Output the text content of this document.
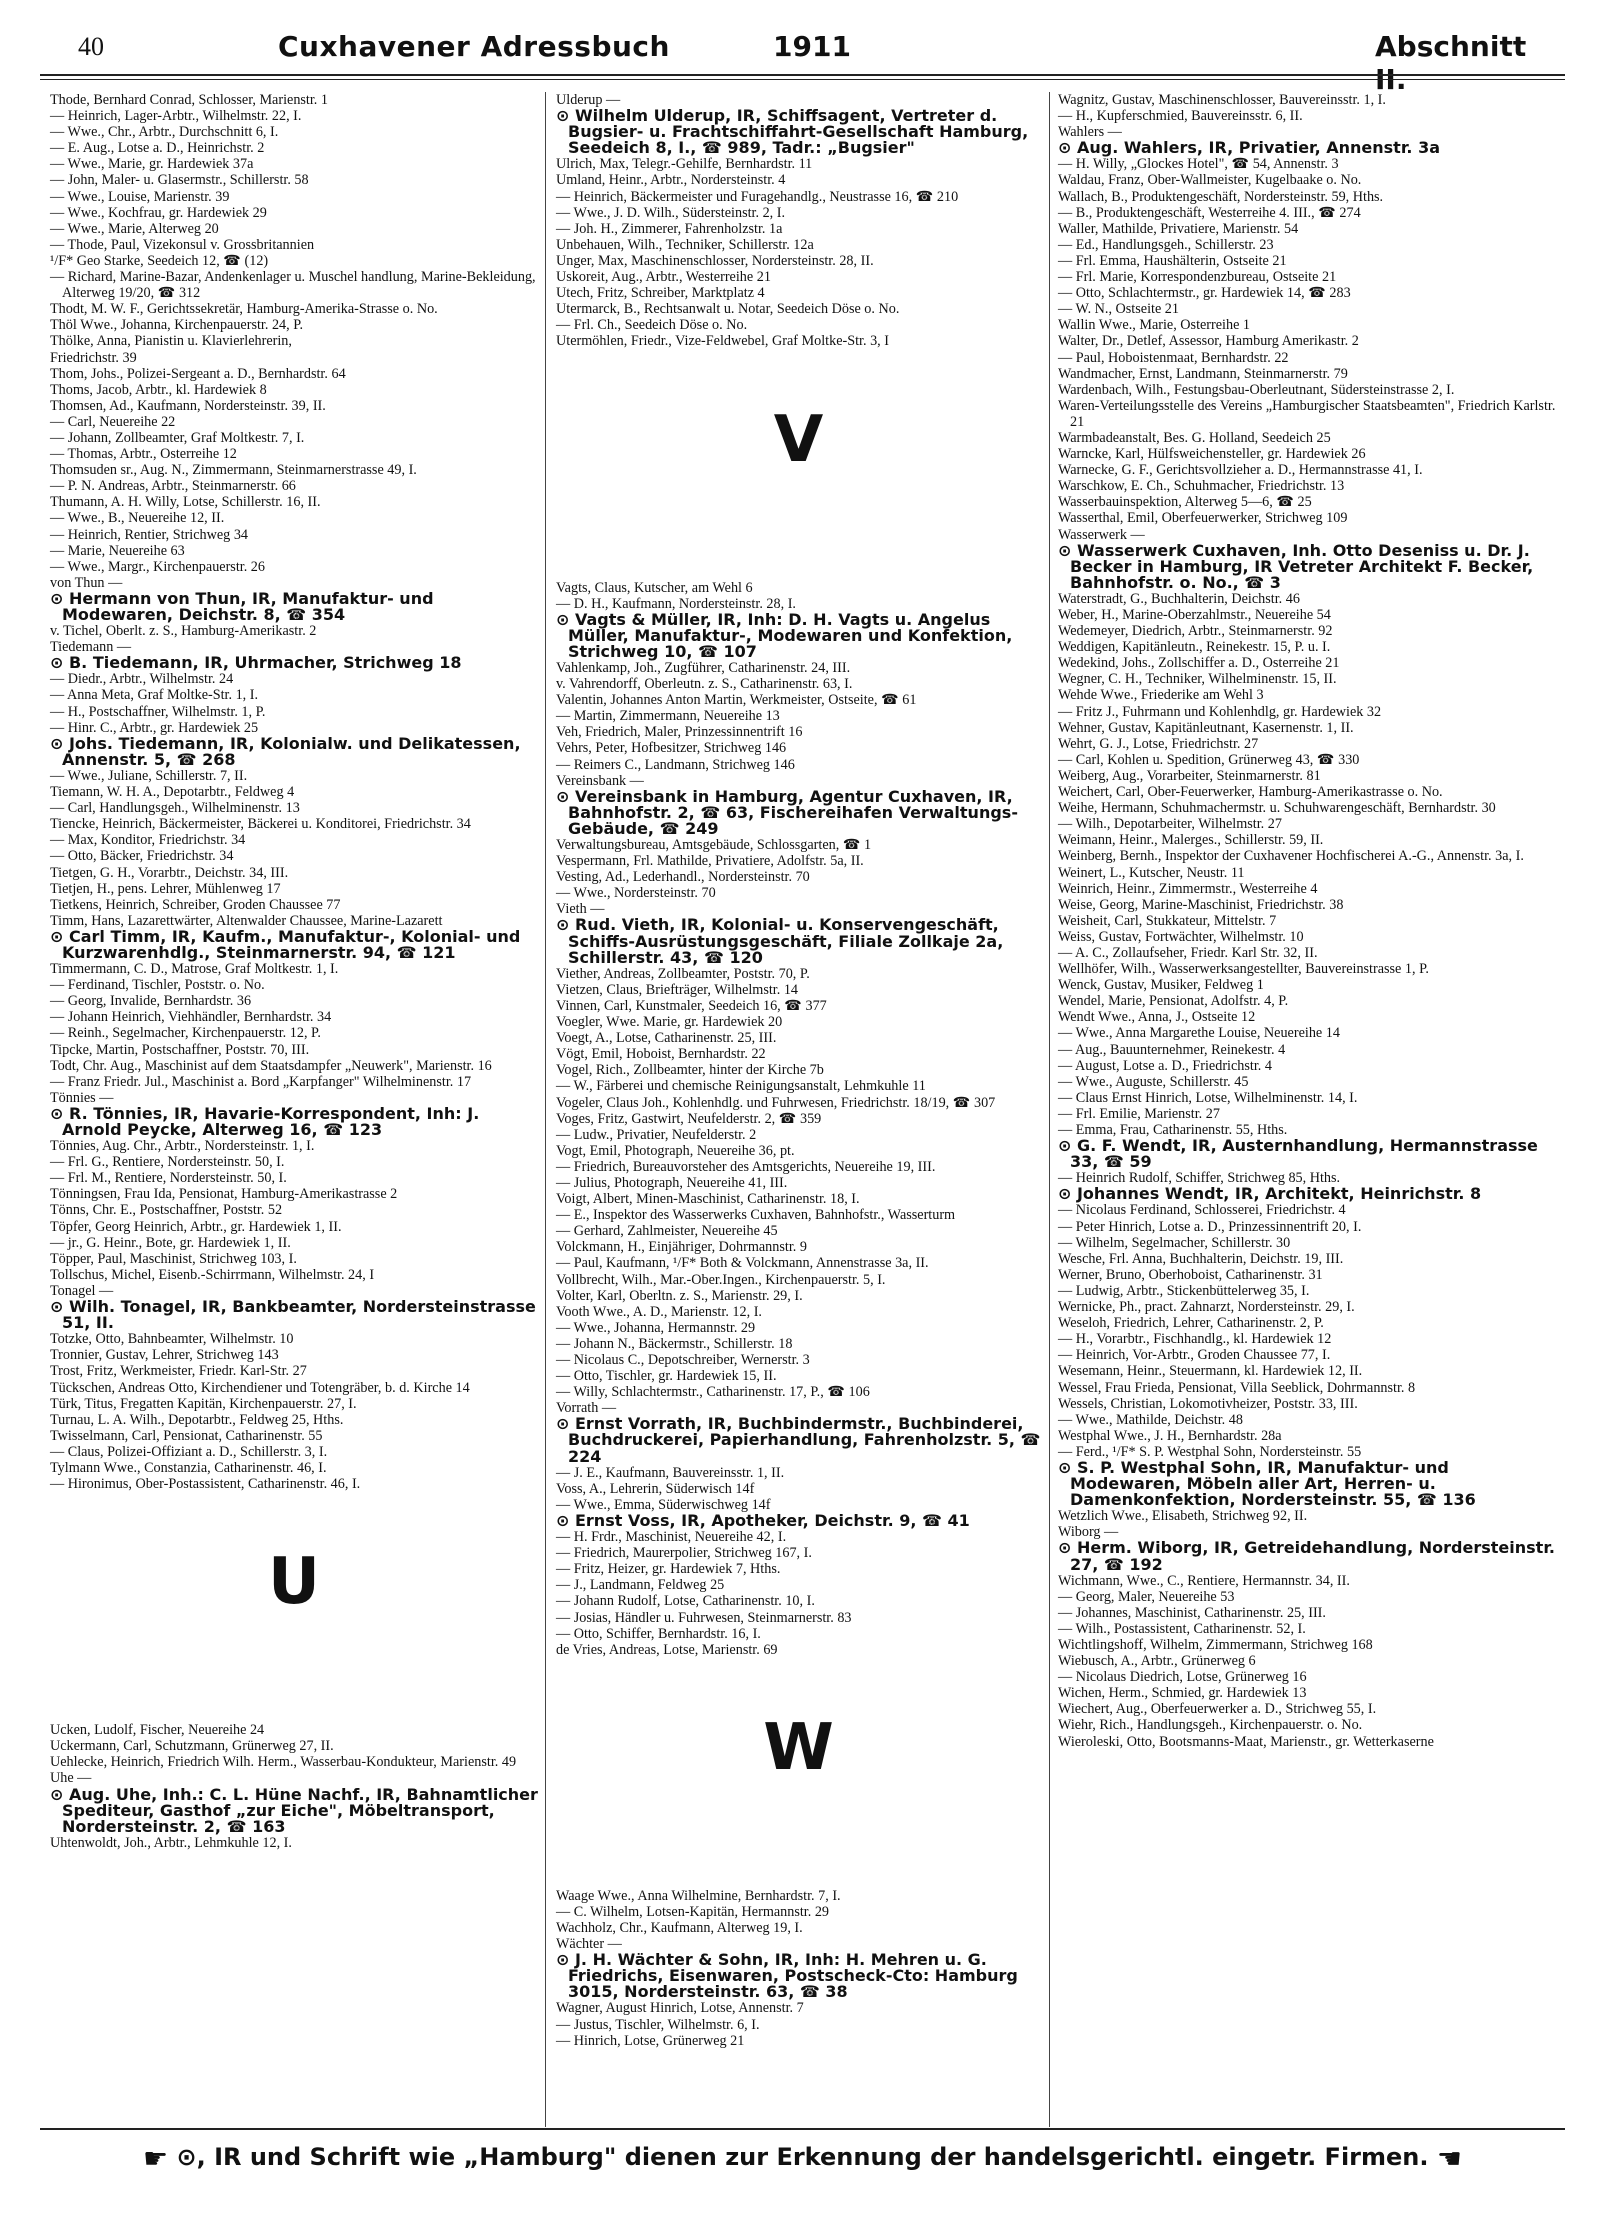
40	Cuxhavener Adressbuch	1911	Abschnitt
Thode, Bernhard Conrad, Schlosser, Marienstr. 1
— Heinrich, Lager-Arbtr., Wilhelmstr. 22, I.
— Wwe., Chr., Arbtr., Durchschnitt 6, I.
— E. Aug., Lotse a. D., Heinrichstr. 2
— Wwe., Marie, gr. Hardewiek 37a
— John, Maler- u. Glasermstr., Schillerstr. 58
— Wwe., Louise, Marienstr. 39
— Wwe., Kochfrau, gr. Hardewiek 29
— Wwe., Marie, Alterweg 20
— Thode, Paul, Vizekonsul v. Grossbritannien
¹/F* Geo Starke, Seedeich 12, ☎ (12)
— Richard, Marine-Bazar, Andenkenlager u. Muschel handlung, Marine-Bekleidung, Alterweg 19/20, ☎ 312
Thodt, M. W. F., Gerichtssekretär, Hamburg-Amerika-Strasse o. No.
Thöl Wwe., Johanna, Kirchenpauerstr. 24, P.
Thölke, Anna, Pianistin u. Klavierlehrerin,
Friedrichstr. 39
Thom, Johs., Polizei-Sergeant a. D., Bernhardstr. 64
Thoms, Jacob, Arbtr., kl. Hardewiek 8
Thomsen, Ad., Kaufmann, Nordersteinstr. 39, II.
— Carl, Neuereihe 22
— Johann, Zollbeamter, Graf Moltkestr. 7, I.
— Thomas, Arbtr., Osterreihe 12
Thomsuden sr., Aug. N., Zimmermann, Steinmarnerstrasse 49, I.
— P. N. Andreas, Arbtr., Steinmarnerstr. 66
Thumann, A. H. Willy, Lotse, Schillerstr. 16, II.
— Wwe., B., Neuereihe 12, II.
— Heinrich, Rentier, Strichweg 34
— Marie, Neuereihe 63
— Wwe., Margr., Kirchenpauerstr. 26
von Thun —
⊙ Hermann von Thun, IR, Manufaktur- und Modewaren, Deichstr. 8, ☎ 354
v. Tichel, Oberlt. z. S., Hamburg-Amerikastr. 2
Tiedemann —
⊙ B. Tiedemann, IR, Uhrmacher, Strichweg 18
— Diedr., Arbtr., Wilhelmstr. 24
— Anna Meta, Graf Moltke-Str. 1, I.
— H., Postschaffner, Wilhelmstr. 1, P.
— Hinr. C., Arbtr., gr. Hardewiek 25
⊙ Johs. Tiedemann, IR, Kolonialw. und Delikatessen, Annenstr. 5, ☎ 268
— Wwe., Juliane, Schillerstr. 7, II.
Tiemann, W. H. A., Depotarbtr., Feldweg 4
— Carl, Handlungsgeh., Wilhelminenstr. 13
Tiencke, Heinrich, Bäckermeister, Bäckerei u. Konditorei, Friedrichstr. 34
— Max, Konditor, Friedrichstr. 34
— Otto, Bäcker, Friedrichstr. 34
Tietgen, G. H., Vorarbtr., Deichstr. 34, III.
Tietjen, H., pens. Lehrer, Mühlenweg 17
Tietkens, Heinrich, Schreiber, Groden Chaussee 77
Timm, Hans, Lazarettwärter, Altenwalder Chaussee, Marine-Lazarett
⊙ Carl Timm, IR, Kaufm., Manufaktur-, Kolonial- und Kurzwarenhdlg., Steinmarnerstr. 94, ☎ 121
Timmermann, C. D., Matrose, Graf Moltkestr. 1, I.
— Ferdinand, Tischler, Poststr. o. No.
— Georg, Invalide, Bernhardstr. 36
— Johann Heinrich, Viehhändler, Bernhardstr. 34
— Reinh., Segelmacher, Kirchenpauerstr. 12, P.
Tipcke, Martin, Postschaffner, Poststr. 70, III.
Todt, Chr. Aug., Maschinist auf dem Staatsdampfer „Neuwerk", Marienstr. 16
— Franz Friedr. Jul., Maschinist a. Bord „Karpfanger" Wilhelminenstr. 17
Tönnies —
⊙ R. Tönnies, IR, Havarie-Korrespondent, Inh: J. Arnold Peycke, Alterweg 16, ☎ 123
Tönnies, Aug. Chr., Arbtr., Nordersteinstr. 1, I.
— Frl. G., Rentiere, Nordersteinstr. 50, I.
— Frl. M., Rentiere, Nordersteinstr. 50, I.
Tönningsen, Frau Ida, Pensionat, Hamburg-Amerikastrasse 2
Tönns, Chr. E., Postschaffner, Poststr. 52
Töpfer, Georg Heinrich, Arbtr., gr. Hardewiek 1, II.
— jr., G. Heinr., Bote, gr. Hardewiek 1, II.
Töpper, Paul, Maschinist, Strichweg 103, I.
Tollschus, Michel, Eisenb.-Schirrmann, Wilhelmstr. 24, I
Tonagel —
⊙ Wilh. Tonagel, IR, Bankbeamter, Nordersteinstrasse 51, II.
Totzke, Otto, Bahnbeamter, Wilhelmstr. 10
Tronnier, Gustav, Lehrer, Strichweg 143
Trost, Fritz, Werkmeister, Friedr. Karl-Str. 27
Tückschen, Andreas Otto, Kirchendiener und Totengräber, b. d. Kirche 14
Türk, Titus, Fregatten Kapitän, Kirchenpauerstr. 27, I.
Turnau, L. A. Wilh., Depotarbtr., Feldweg 25, Hths.
Twisselmann, Carl, Pensionat, Catharinenstr. 55
— Claus, Polizei-Offiziant a. D., Schillerstr. 3, I.
Tylmann Wwe., Constanzia, Catharinenstr. 46, I.
— Hironimus, Ober-Postassistent, Catharinenstr. 46, I.
U
Ucken, Ludolf, Fischer, Neuereihe 24
Uckermann, Carl, Schutzmann, Grünerweg 27, II.
Uehlecke, Heinrich, Friedrich Wilh. Herm., Wasserbau-Kondukteur, Marienstr. 49
Uhe —
⊙ Aug. Uhe, Inh.: C. L. Hüne Nachf., IR, Bahnamtlicher Spediteur, Gasthof „zur Eiche", Möbeltransport, Nordersteinstr. 2, ☎ 163
Uhtenwoldt, Joh., Arbtr., Lehmkuhle 12, I.
Ulderup —
⊙ Wilhelm Ulderup, IR, Schiffsagent, Vertreter d. Bugsier- u. Frachtschiffahrt-Gesellschaft Hamburg, Seedeich 8, I., ☎ 989, Tadr.: „Bugsier"
Ulrich, Max, Telegr.-Gehilfe, Bernhardstr. 11
Umland, Heinr., Arbtr., Nordersteinstr. 4
— Heinrich, Bäckermeister und Furagehandlg., Neustrasse 16, ☎ 210
— Wwe., J. D. Wilh., Südersteinstr. 2, I.
— Joh. H., Zimmerer, Fahrenholzstr. 1a
Unbehauen, Wilh., Techniker, Schillerstr. 12a
Unger, Max, Maschinenschlosser, Nordersteinstr. 28, II.
Uskoreit, Aug., Arbtr., Westerreihe 21
Utech, Fritz, Schreiber, Marktplatz 4
Utermarck, B., Rechtsanwalt u. Notar, Seedeich Döse o. No.
— Frl. Ch., Seedeich Döse o. No.
Utermöhlen, Friedr., Vize-Feldwebel, Graf Moltke-Str. 3, I
V
Vagts, Claus, Kutscher, am Wehl 6
— D. H., Kaufmann, Nordersteinstr. 28, I.
⊙ Vagts & Müller, IR, Inh: D. H. Vagts u. Angelus Müller, Manufaktur-, Modewaren und Konfektion, Strichweg 10, ☎ 107
Vahlenkamp, Joh., Zugführer, Catharinenstr. 24, III.
v. Vahrendorff, Oberleutn. z. S., Catharinenstr. 63, I.
Valentin, Johannes Anton Martin, Werkmeister, Ostseite, ☎ 61
— Martin, Zimmermann, Neuereihe 13
Veh, Friedrich, Maler, Prinzessinnentrift 16
Vehrs, Peter, Hofbesitzer, Strichweg 146
— Reimers C., Landmann, Strichweg 146
Vereinsbank —
⊙ Vereinsbank in Hamburg, Agentur Cuxhaven, IR, Bahnhofstr. 2, ☎ 63, Fischereihafen Verwaltungs-Gebäude, ☎ 249
Verwaltungsbureau, Amtsgebäude, Schlossgarten, ☎ 1
Vespermann, Frl. Mathilde, Privatiere, Adolfstr. 5a, II.
Vesting, Ad., Lederhandl., Nordersteinstr. 70
— Wwe., Nordersteinstr. 70
Vieth —
⊙ Rud. Vieth, IR, Kolonial- u. Konservengeschäft, Schiffs-Ausrüstungsgeschäft, Filiale Zollkaje 2a, Schillerstr. 43, ☎ 120
Viether, Andreas, Zollbeamter, Poststr. 70, P.
Vietzen, Claus, Briefträger, Wilhelmstr. 14
Vinnen, Carl, Kunstmaler, Seedeich 16, ☎ 377
Voegler, Wwe. Marie, gr. Hardewiek 20
Voegt, A., Lotse, Catharinenstr. 25, III.
Vögt, Emil, Hoboist, Bernhardstr. 22
Vogel, Rich., Zollbeamter, hinter der Kirche 7b
— W., Färberei und chemische Reinigungsanstalt, Lehmkuhle 11
Vogeler, Claus Joh., Kohlenhdlg. und Fuhrwesen, Friedrichstr. 18/19, ☎ 307
Voges, Fritz, Gastwirt, Neufelderstr. 2, ☎ 359
— Ludw., Privatier, Neufelderstr. 2
Vogt, Emil, Photograph, Neuereihe 36, pt.
— Friedrich, Bureauvorsteher des Amtsgerichts, Neuereihe 19, III.
— Julius, Photograph, Neuereihe 41, III.
Voigt, Albert, Minen-Maschinist, Catharinenstr. 18, I.
— E., Inspektor des Wasserwerks Cuxhaven, Bahnhofstr., Wasserturm
— Gerhard, Zahlmeister, Neuereihe 45
Volckmann, H., Einjähriger, Dohrmannstr. 9
— Paul, Kaufmann, ¹/F* Both & Volckmann, Annenstrasse 3a, II.
Vollbrecht, Wilh., Mar.-Ober.Ingen., Kirchenpauerstr. 5, I.
Volter, Karl, Oberltn. z. S., Marienstr. 29, I.
Vooth Wwe., A. D., Marienstr. 12, I.
— Wwe., Johanna, Hermannstr. 29
— Johann N., Bäckermstr., Schillerstr. 18
— Nicolaus C., Depotschreiber, Wernerstr. 3
— Otto, Tischler, gr. Hardewiek 15, II.
— Willy, Schlachtermstr., Catharinenstr. 17, P., ☎ 106
Vorrath —
⊙ Ernst Vorrath, IR, Buchbindermstr., Buchbinderei, Buchdruckerei, Papierhandlung, Fahrenholzstr. 5, ☎ 224
— J. E., Kaufmann, Bauvereinsstr. 1, II.
Voss, A., Lehrerin, Süderwisch 14f
— Wwe., Emma, Süderwischweg 14f
⊙ Ernst Voss, IR, Apotheker, Deichstr. 9, ☎ 41
— H. Frdr., Maschinist, Neuereihe 42, I.
— Friedrich, Maurerpolier, Strichweg 167, I.
— Fritz, Heizer, gr. Hardewiek 7, Hths.
— J., Landmann, Feldweg 25
— Johann Rudolf, Lotse, Catharinenstr. 10, I.
— Josias, Händler u. Fuhrwesen, Steinmarnerstr. 83
— Otto, Schiffer, Bernhardstr. 16, I.
de Vries, Andreas, Lotse, Marienstr. 69
W
Waage Wwe., Anna Wilhelmine, Bernhardstr. 7, I.
— C. Wilhelm, Lotsen-Kapitän, Hermannstr. 29
Wachholz, Chr., Kaufmann, Alterweg 19, I.
Wächter —
⊙ J. H. Wächter & Sohn, IR, Inh: H. Mehren u. G. Friedrichs, Eisenwaren, Postscheck-Cto: Hamburg 3015, Nordersteinstr. 63, ☎ 38
Wagner, August Hinrich, Lotse, Annenstr. 7
— Justus, Tischler, Wilhelmstr. 6, I.
— Hinrich, Lotse, Grünerweg 21
Wagnitz, Gustav, Maschinenschlosser, Bauvereinsstr. 1, I.
— H., Kupferschmied, Bauvereinsstr. 6, II.
Wahlers —
⊙ Aug. Wahlers, IR, Privatier, Annenstr. 3a
— H. Willy, „Glockes Hotel", ☎ 54, Annenstr. 3
Waldau, Franz, Ober-Wallmeister, Kugelbaake o. No.
Wallach, B., Produktengeschäft, Nordersteinstr. 59, Hths.
— B., Produktengeschäft, Westerreihe 4. III., ☎ 274
Waller, Mathilde, Privatiere, Marienstr. 54
— Ed., Handlungsgeh., Schillerstr. 23
— Frl. Emma, Haushälterin, Ostseite 21
— Frl. Marie, Korrespondenzbureau, Ostseite 21
— Otto, Schlachtermstr., gr. Hardewiek 14, ☎ 283
— W. N., Ostseite 21
Wallin Wwe., Marie, Osterreihe 1
Walter, Dr., Detlef, Assessor, Hamburg Amerikastr. 2
— Paul, Hoboistenmaat, Bernhardstr. 22
Wandmacher, Ernst, Landmann, Steinmarnerstr. 79
Wardenbach, Wilh., Festungsbau-Oberleutnant, Südersteinstrasse 2, I.
Waren-Verteilungsstelle des Vereins „Hamburgischer Staatsbeamten", Friedrich Karlstr. 21
Warmbadeanstalt, Bes. G. Holland, Seedeich 25
Warncke, Karl, Hülfsweichensteller, gr. Hardewiek 26
Warnecke, G. F., Gerichtsvollzieher a. D., Hermannstrasse 41, I.
Warschkow, E. Ch., Schuhmacher, Friedrichstr. 13
Wasserbauinspektion, Alterweg 5—6, ☎ 25
Wasserthal, Emil, Oberfeuerwerker, Strichweg 109
Wasserwerk —
⊙ Wasserwerk Cuxhaven, Inh. Otto Deseniss u. Dr. J. Becker in Hamburg, IR Vetreter Architekt F. Becker, Bahnhofstr. o. No., ☎ 3
Waterstradt, G., Buchhalterin, Deichstr. 46
Weber, H., Marine-Oberzahlmstr., Neuereihe 54
Wedemeyer, Diedrich, Arbtr., Steinmarnerstr. 92
Weddigen, Kapitänleutn., Reinekestr. 15, P. u. I.
Wedekind, Johs., Zollschiffer a. D., Osterreihe 21
Wegner, C. H., Techniker, Wilhelminenstr. 15, II.
Wehde Wwe., Friederike am Wehl 3
— Fritz J., Fuhrmann und Kohlenhdlg, gr. Hardewiek 32
Wehner, Gustav, Kapitänleutnant, Kasernenstr. 1, II.
Wehrt, G. J., Lotse, Friedrichstr. 27
— Carl, Kohlen u. Spedition, Grünerweg 43, ☎ 330
Weiberg, Aug., Vorarbeiter, Steinmarnerstr. 81
Weichert, Carl, Ober-Feuerwerker, Hamburg-Amerikastrasse o. No.
Weihe, Hermann, Schuhmachermstr. u. Schuhwarengeschäft, Bernhardstr. 30
— Wilh., Depotarbeiter, Wilhelmstr. 27
Weimann, Heinr., Malerges., Schillerstr. 59, II.
Weinberg, Bernh., Inspektor der Cuxhavener Hochfischerei A.-G., Annenstr. 3a, I.
Weinert, L., Kutscher, Neustr. 11
Weinrich, Heinr., Zimmermstr., Westerreihe 4
Weise, Georg, Marine-Maschinist, Friedrichstr. 38
Weisheit, Carl, Stukkateur, Mittelstr. 7
Weiss, Gustav, Fortwächter, Wilhelmstr. 10
— A. C., Zollaufseher, Friedr. Karl Str. 32, II.
Wellhöfer, Wilh., Wasserwerksangestellter, Bauvereinstrasse 1, P.
Wenck, Gustav, Musiker, Feldweg 1
Wendel, Marie, Pensionat, Adolfstr. 4, P.
Wendt Wwe., Anna, J., Ostseite 12
— Wwe., Anna Margarethe Louise, Neuereihe 14
— Aug., Bauunternehmer, Reinekestr. 4
— August, Lotse a. D., Friedrichstr. 4
— Wwe., Auguste, Schillerstr. 45
— Claus Ernst Hinrich, Lotse, Wilhelminenstr. 14, I.
— Frl. Emilie, Marienstr. 27
— Emma, Frau, Catharinenstr. 55, Hths.
⊙ G. F. Wendt, IR, Austernhandlung, Hermannstrasse 33, ☎ 59
— Heinrich Rudolf, Schiffer, Strichweg 85, Hths.
⊙ Johannes Wendt, IR, Architekt, Heinrichstr. 8
— Nicolaus Ferdinand, Schlosserei, Friedrichstr. 4
— Peter Hinrich, Lotse a. D., Prinzessinnentrift 20, I.
— Wilhelm, Segelmacher, Schillerstr. 30
Wesche, Frl. Anna, Buchhalterin, Deichstr. 19, III.
Werner, Bruno, Oberhoboist, Catharinenstr. 31
— Ludwig, Arbtr., Stickenbüttelerweg 35, I.
Wernicke, Ph., pract. Zahnarzt, Nordersteinstr. 29, I.
Weseloh, Friedrich, Lehrer, Catharinenstr. 2, P.
— H., Vorarbtr., Fischhandlg., kl. Hardewiek 12
— Heinrich, Vor-Arbtr., Groden Chaussee 77, I.
Wesemann, Heinr., Steuermann, kl. Hardewiek 12, II.
Wessel, Frau Frieda, Pensionat, Villa Seeblick, Dohrmannstr. 8
Wessels, Christian, Lokomotivheizer, Poststr. 33, III.
— Wwe., Mathilde, Deichstr. 48
Westphal Wwe., J. H., Bernhardstr. 28a
— Ferd., ¹/F* S. P. Westphal Sohn, Nordersteinstr. 55
⊙ S. P. Westphal Sohn, IR, Manufaktur- und Modewaren, Möbeln aller Art, Herren- u. Damenkonfektion, Nordersteinstr. 55, ☎ 136
Wetzlich Wwe., Elisabeth, Strichweg 92, II.
Wiborg —
⊙ Herm. Wiborg, IR, Getreidehandlung, Nordersteinstr. 27, ☎ 192
Wichmann, Wwe., C., Rentiere, Hermannstr. 34, II.
— Georg, Maler, Neuereihe 53
— Johannes, Maschinist, Catharinenstr. 25, III.
— Wilh., Postassistent, Catharinenstr. 52, I.
Wichtlingshoff, Wilhelm, Zimmermann, Strichweg 168
Wiebusch, A., Arbtr., Grünerweg 6
— Nicolaus Diedrich, Lotse, Grünerweg 16
Wichen, Herm., Schmied, gr. Hardewiek 13
Wiechert, Aug., Oberfeuerwerker a. D., Strichweg 55, I.
Wiehr, Rich., Handlungsgeh., Kirchenpauerstr. o. No.
Wieroleski, Otto, Bootsmanns-Maat, Marienstr., gr. Wetterkaserne
☛ ⊙, IR und Schrift wie „Hamburg" dienen zur Erkennung der handelsgerichtl. eingetr. Firmen. ☚
